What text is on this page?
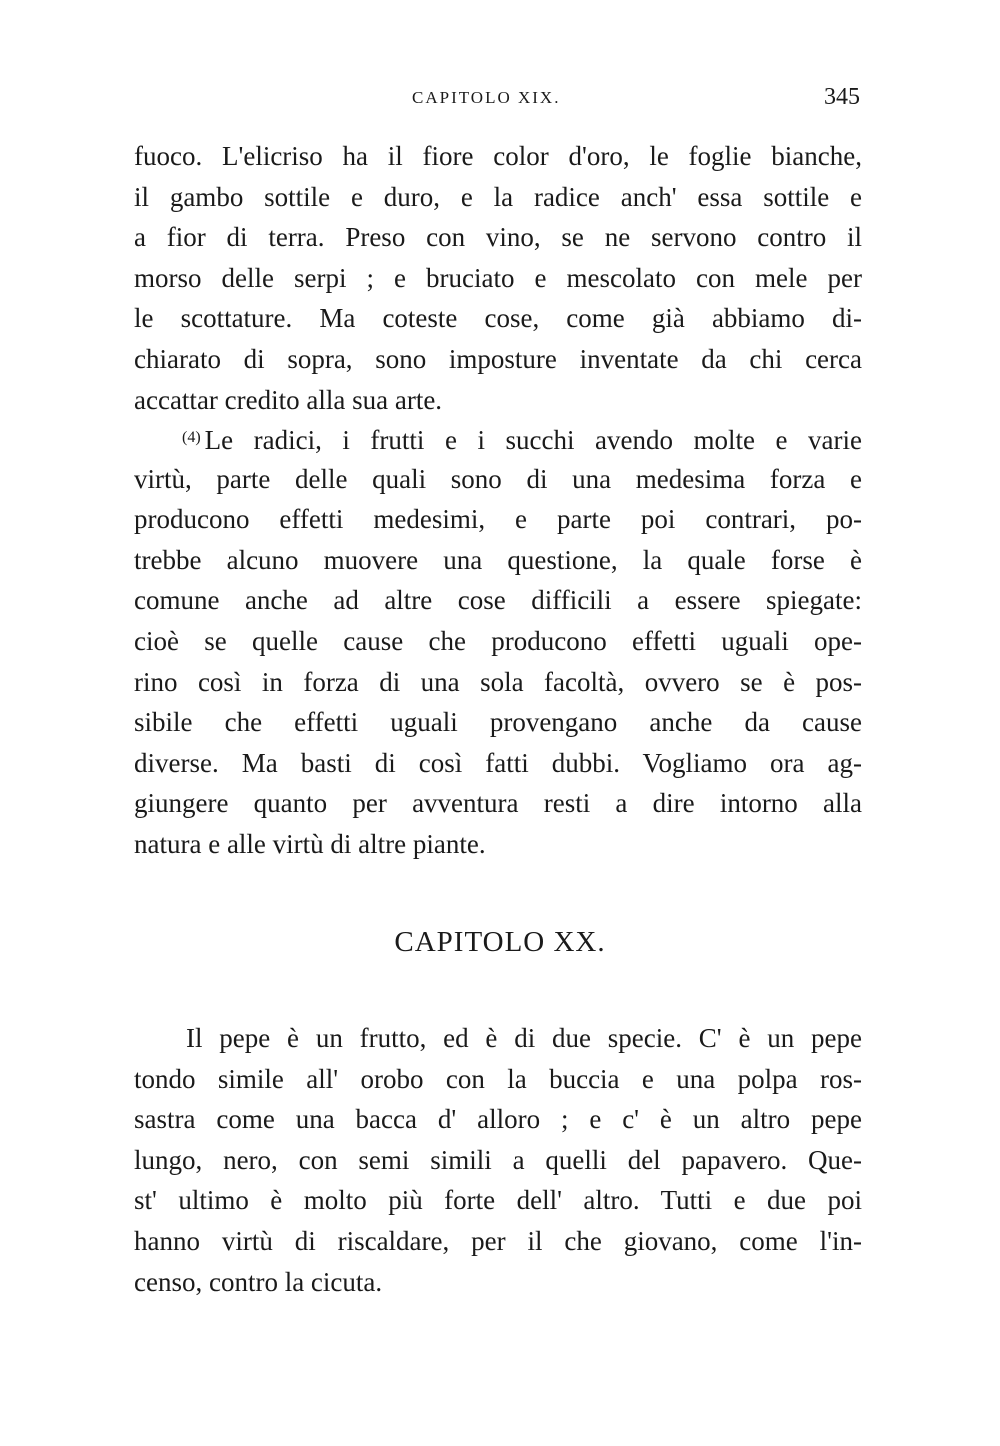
CAPITOLO XIX.	345
fuoco. L'elicriso ha il fiore color d'oro, le foglie bianche,
il gambo sottile e duro, e la radice anch' essa sottile e
a fior di terra. Preso con vino, se ne servono contro il
morso delle serpi ; e bruciato e mescolato con mele per
le scottature. Ma coteste cose, come già abbiamo di-
chiarato di sopra, sono imposture inventate da chi cerca
accattar credito alla sua arte.
$^{(4)}$ Le radici, i frutti e i succhi avendo molte e varie
virtù, parte delle quali sono di una medesima forza e
producono effetti medesimi, e parte poi contrari, po-
trebbe alcuno muovere una questione, la quale forse è
comune anche ad altre cose difficili a essere spiegate:
cioè se quelle cause che producono effetti uguali ope-
rino così in forza di una sola facoltà, ovvero se è pos-
sibile che effetti uguali provengano anche da cause
diverse. Ma basti di così fatti dubbi. Vogliamo ora ag-
giungere quanto per avventura resti a dire intorno alla
natura e alle virtù di altre piante.
CAPITOLO XX.
Il pepe è un frutto, ed è di due specie. C' è un pepe
tondo simile all' orobo con la buccia e una polpa ros-
sastra come una bacca d' alloro ; e c' è un altro pepe
lungo, nero, con semi simili a quelli del papavero. Que-
st' ultimo è molto più forte dell' altro. Tutti e due poi
hanno virtù di riscaldare, per il che giovano, come l'in-
censo, contro la cicuta.
